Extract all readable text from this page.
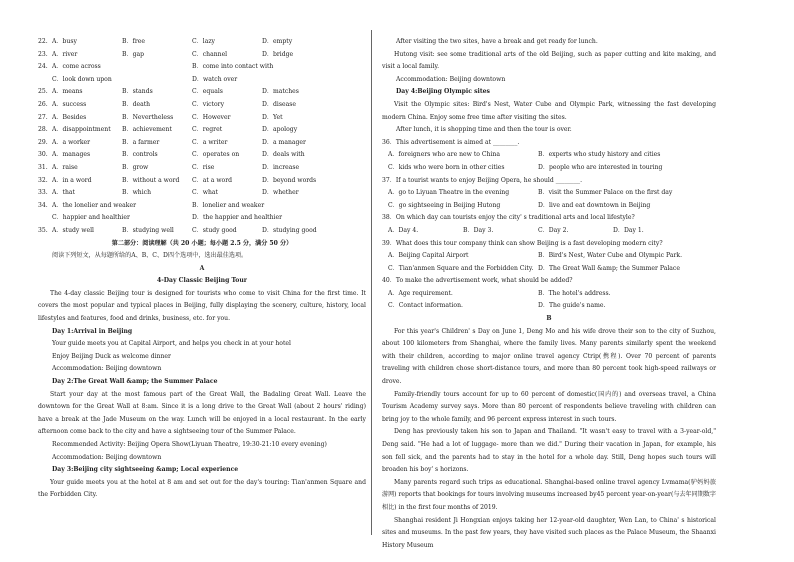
22. A．busy	B．free	C．lazy	D．empty
23. A．river	B．gap	C．channel	D．bridge
24. A．come across	B．come into contact with
C．look down upon	D．watch over
25. A．means	B．stands	C．equals	D．matches
26. A．success	B．death	C．victory	D．disease
27. A．Besides	B．Nevertheless	C．However	D．Yet
28. A．disappointment	B．achievement	C．regret	D．apology
29. A．a worker	B．a farmer	C．a writer	D．a manager
30. A．manages	B．controls	C．operates on	D．deals with
31. A．raise	B．grow	C．rise	D．increase
32. A．in a word	B．without a word	C．at a word	D．beyond words
33. A．that	B．which	C．what	D．whether
34. A．the lonelier and weaker	B．lonelier and weaker
C．happier and healthier	D．the happier and healthier
35. A．study well	B．studying well	C．study good	D．studying good
第二部分：阅读理解（共 20 小题；每小题 2.5 分，满分 50 分）
阅读下列短文，从每题所给的A、B、C、D四个选项中，选出最佳选项。
A
4-Day Classic Beijing Tour
The 4-day classic Beijing tour is designed for tourists who come to visit China for the first time. It covers the most popular and typical places in Beijing, fully displaying the scenery, culture, history, local lifestyles and features, food and drinks, business, etc. for you.
Day 1:Arrival in Beijing
Your guide meets you at Capital Airport, and helps you check in at your hotel
Enjoy Beijing Duck as welcome dinner
Accommodation: Beijing downtown
Day 2:The Great Wall &amp; the Summer Palace
Start your day at the most famous part of the Great Wall, the Badaling Great Wall. Leave the downtown for the Great Wall at 8:am. Since it is a long drive to the Great Wall (about 2 hours' riding) have a break at the Jade Museum on the way. Lunch will be enjoyed in a local restaurant. In the early afternoon come back to the city and have a sightseeing tour of the Summer Palace.
Recommended Activity: Beijing Opera Show(Liyuan Theatre, 19:30-21:10 every evening)
Accommodation: Beijing downtown
Day 3:Beijing city sightseeing &amp; Local experience
Your guide meets you at the hotel at 8 am and set out for the day's touring: Tian'anmen Square and the Forbidden City.
After visiting the two sites, have a break and get ready for lunch.
Hutong visit: see some traditional arts of the old Beijing, such as paper cutting and kite making, and visit a local family.
Accommodation: Beijing downtown
Day 4:Beijing Olympic sites
Visit the Olympic sites: Bird's Nest, Water Cube and Olympic Park, witnessing the fast developing modern China. Enjoy some free time after visiting the sites.
After lunch, it is shopping time and then the tour is over.
36．This advertisement is aimed at ________.
A．foreigners who are new to China	B．experts who study history and cities
C．kids who were born in other cities	D．people who are interested in touring
37．If a tourist wants to enjoy Beijing Opera, he should ________.
A．go to Liyuan Theatre in the evening	B．visit the Summer Palace on the first day
C．go sightseeing in Beijing Hutong	D．live and eat downtown in Beijing
38．On which day can tourists enjoy the city' s traditional arts and local lifestyle?
A．Day 4.	B．Day 3.	C．Day 2.	D．Day 1.
39．What does this tour company think can show Beijing is a fast developing modern city?
A．Beijing Capital Airport	B．Bird's Nest, Water Cube and Olympic Park.
C．Tian'anmen Square and the Forbidden City. D．The Great Wall &amp; the Summer Palace
40．To make the advertisement work, what should be added?
A．Age requirement.	B．The hotel's address.
C．Contact information.	D．The guide's name.
B
For this year's Children' s Day on June 1, Deng Mo and his wife drove their son to the city of Suzhou, about 100 kilometers from Shanghai, where the family lives. Many parents similarly spent the weekend with their children, according to major online travel agency Ctrip(携程). Over 70 percent of parents traveling with children chose short-distance tours, and more than 80 percent took high-speed railways or drove.
Family-friendly tours account for up to 60 percent of domestic(国内的) and overseas travel, a China Tourism Academy survey says. More than 80 percent of respondents believe traveling with children can bring joy to the whole family, and 96 percent express interest in such tours.
Deng has previously taken his son to Japan and Thailand. "It wasn't easy to travel with a 3-year-old," Deng said. "He had a lot of luggage- more than we did." During their vacation in Japan, for example, his son fell sick, and the parents had to stay in the hotel for a whole day. Still, Deng hopes such tours will broaden his boy' s horizons.
Many parents regard such trips as educational. Shanghai-based online travel agency Lvmama(驴妈妈旅游网) reports that bookings for tours involving museums increased by45 percent year-on-year(与去年同期数字相比) in the first four months of 2019.
Shanghai resident Ji Hongxian enjoys taking her 12-year-old daughter, Wen Lan, to China' s historical sites and museums. In the past few years, they have visited such places as the Palace Museum, the Shaanxi History Museum
